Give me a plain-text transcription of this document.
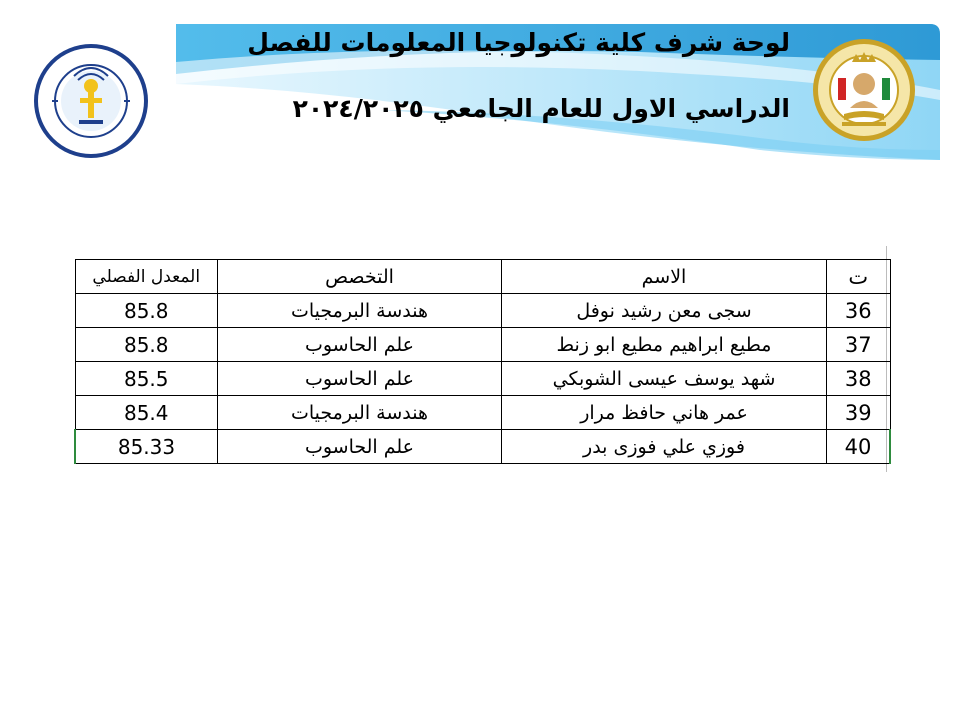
لوحة شرف كلية تكنولوجيا المعلومات للفصل
الدراسي الاول للعام الجامعي ٢٠٢٤/٢٠٢٥
ت	الاسم	التخصص	المعدل الفصلي
36	سجى معن رشيد نوفل	هندسة البرمجيات	85.8
37	مطيع ابراهيم مطيع ابو زنط	علم الحاسوب	85.8
38	شهد يوسف عيسى الشوبكي	علم الحاسوب	85.5
39	عمر هاني حافظ مرار	هندسة البرمجيات	85.4
40	فوزي علي فوزى بدر	علم الحاسوب	85.33
